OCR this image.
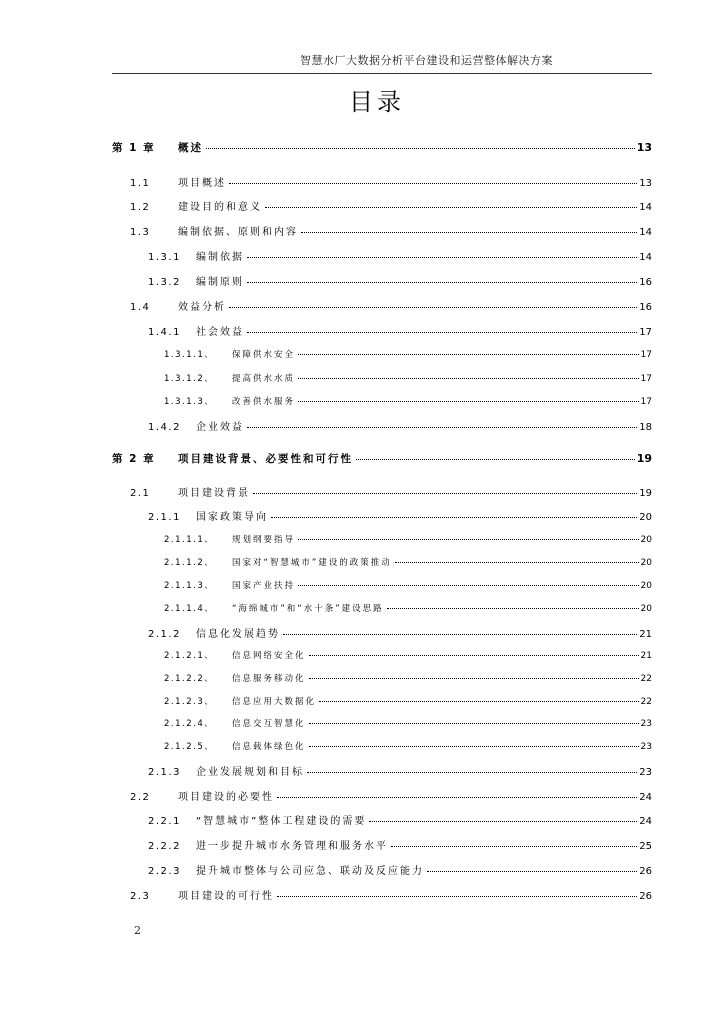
智慧水厂大数据分析平台建设和运营整体解决方案
目录
第 1 章	概述	13
1.1	项目概述	13
1.2	建设目的和意义	14
1.3	编制依据、原则和内容	14
1.3.1	编制依据	14
1.3.2	编制原则	16
1.4	效益分析	16
1.4.1	社会效益	17
1.3.1.1、	保障供水安全	17
1.3.1.2、	提高供水水质	17
1.3.1.3、	改善供水服务	17
1.4.2	企业效益	18
第 2 章	项目建设背景、必要性和可行性	19
2.1	项目建设背景	19
2.1.1	国家政策导向	20
2.1.1.1、	规划纲要指导	20
2.1.1.2、	国家对“智慧城市”建设的政策推动	20
2.1.1.3、	国家产业扶持	20
2.1.1.4、	“海绵城市”和“水十条”建设思路	20
2.1.2	信息化发展趋势	21
2.1.2.1、	信息网络安全化	21
2.1.2.2、	信息服务移动化	22
2.1.2.3、	信息应用大数据化	22
2.1.2.4、	信息交互智慧化	23
2.1.2.5、	信息载体绿色化	23
2.1.3	企业发展规划和目标	23
2.2	项目建设的必要性	24
2.2.1	“智慧城市”整体工程建设的需要	24
2.2.2	进一步提升城市水务管理和服务水平	25
2.2.3	提升城市整体与公司应急、联动及反应能力	26
2.3	项目建设的可行性	26
2
